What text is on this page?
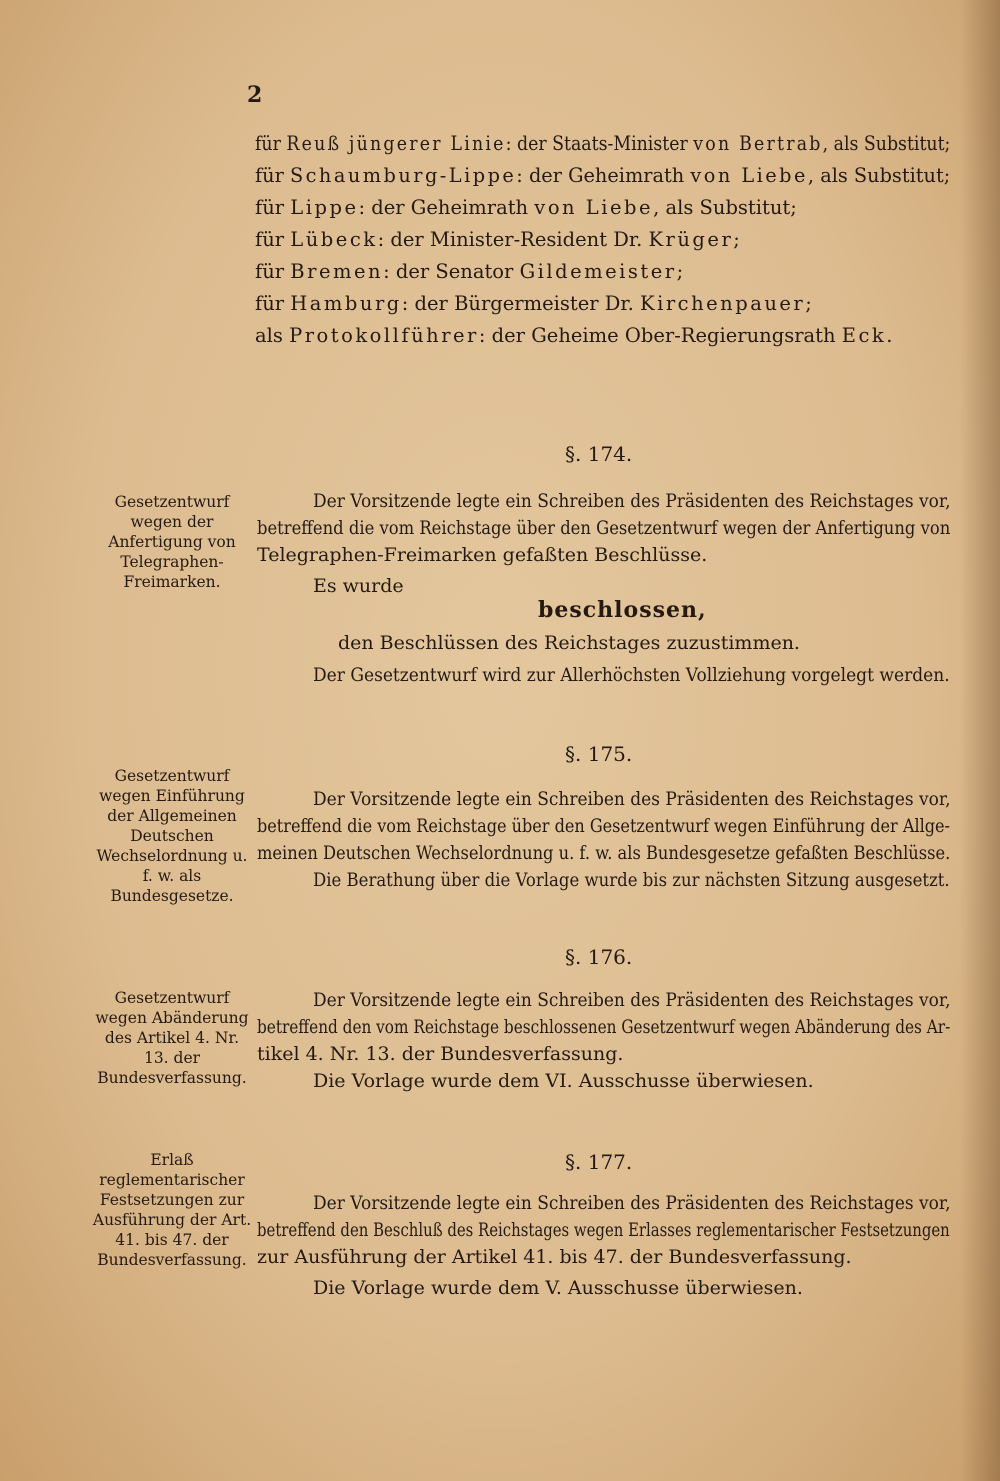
2
für Reuß jüngerer Linie: der Staats-Minister von Bertrab, als Substitut;
für Schaumburg-Lippe: der Geheimrath von Liebe, als Substitut;
für Lippe: der Geheimrath von Liebe, als Substitut;
für Lübeck: der Minister-Resident Dr. Krüger;
für Bremen: der Senator Gildemeister;
für Hamburg: der Bürgermeister Dr. Kirchenpauer;
als Protokollführer: der Geheime Ober-Regierungsrath Eck.
§. 174.
Gesetzentwurf wegen der Anfertigung von Telegraphen-Freimarken.
Der Vorsitzende legte ein Schreiben des Präsidenten des Reichstages vor,
betreffend die vom Reichstage über den Gesetzentwurf wegen der Anfertigung von
Telegraphen-Freimarken gefaßten Beschlüsse.
Es wurde
beschlossen,
den Beschlüssen des Reichstages zuzustimmen.
Der Gesetzentwurf wird zur Allerhöchsten Vollziehung vorgelegt werden.
§. 175.
Gesetzentwurf wegen Einführung der Allgemeinen Deutschen Wechselordnung u. f. w. als Bundesgesetze.
Der Vorsitzende legte ein Schreiben des Präsidenten des Reichstages vor,
betreffend die vom Reichstage über den Gesetzentwurf wegen Einführung der Allge-
meinen Deutschen Wechselordnung u. f. w. als Bundesgesetze gefaßten Beschlüsse.
Die Berathung über die Vorlage wurde bis zur nächsten Sitzung ausgesetzt.
§. 176.
Gesetzentwurf wegen Abänderung des Artikel 4. Nr. 13. der Bundesverfassung.
Der Vorsitzende legte ein Schreiben des Präsidenten des Reichstages vor,
betreffend den vom Reichstage beschlossenen Gesetzentwurf wegen Abänderung des Ar-
tikel 4. Nr. 13. der Bundesverfassung.
Die Vorlage wurde dem VI. Ausschusse überwiesen.
§. 177.
Erlaß reglementarischer Festsetzungen zur Ausführung der Art. 41. bis 47. der Bundesverfassung.
Der Vorsitzende legte ein Schreiben des Präsidenten des Reichstages vor,
betreffend den Beschluß des Reichstages wegen Erlasses reglementarischer Festsetzungen
zur Ausführung der Artikel 41. bis 47. der Bundesverfassung.
Die Vorlage wurde dem V. Ausschusse überwiesen.
